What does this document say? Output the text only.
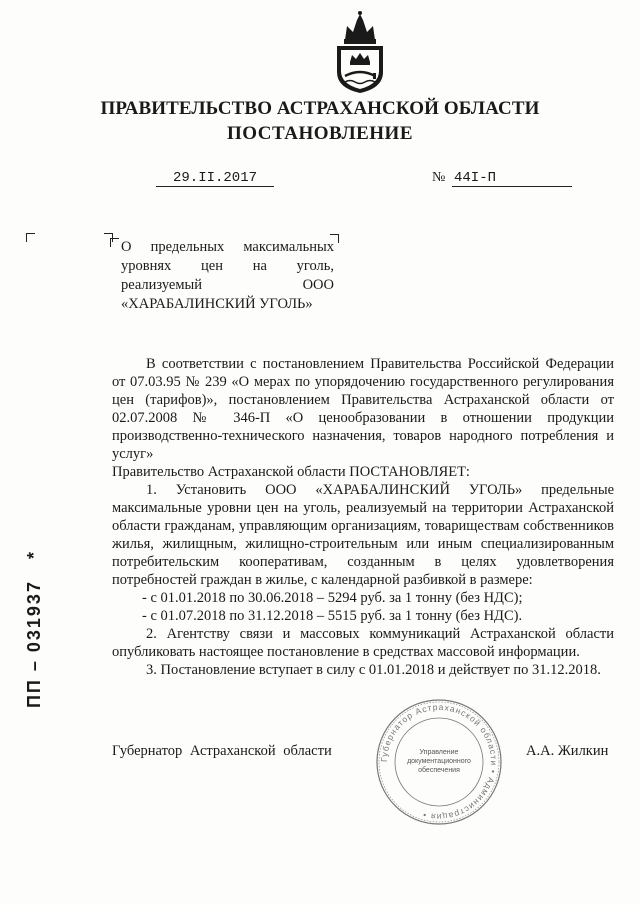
ПРАВИТЕЛЬСТВО АСТРАХАНСКОЙ ОБЛАСТИ
ПОСТАНОВЛЕНИЕ
29.II.2017	№ 44I-П
О предельных максимальных уровнях цен на уголь, реализуемый ООО «ХАРАБАЛИНСКИЙ УГОЛЬ»

В соответствии с постановлением Правительства Российской Федерации от 07.03.95 № 239 «О мерах по упорядочению государственного регулирования цен (тарифов)», постановлением Правительства Астраханской области от 02.07.2008 № 346-П «О ценообразовании в отношении продукции производственно-технического назначения, товаров народного потребления и услуг»

Правительство Астраханской области ПОСТАНОВЛЯЕТ:

1. Установить ООО «ХАРАБАЛИНСКИЙ УГОЛЬ» предельные максимальные уровни цен на уголь, реализуемый на территории Астраханской области гражданам, управляющим организациям, товариществам собственников жилья, жилищным, жилищно-строительным или иным специализированным потребительским кооперативам, созданным в целях удовлетворения потребностей граждан в жилье, с календарной разбивкой в размере:

- с 01.01.2018 по 30.06.2018 – 5294 руб. за 1 тонну (без НДС);

- с 01.07.2018 по 31.12.2018 – 5515 руб. за 1 тонну (без НДС).

2. Агентству связи и массовых коммуникаций Астраханской области опубликовать настоящее постановление в средствах массовой информации.

3. Постановление вступает в силу с 01.01.2018 и действует по 31.12.2018.

Губернатор Астраханской области • Администрация •
Управление документационного обеспечения
Губернатор Астраханской области	А.А. Жилкин
ПП – 031937 *
